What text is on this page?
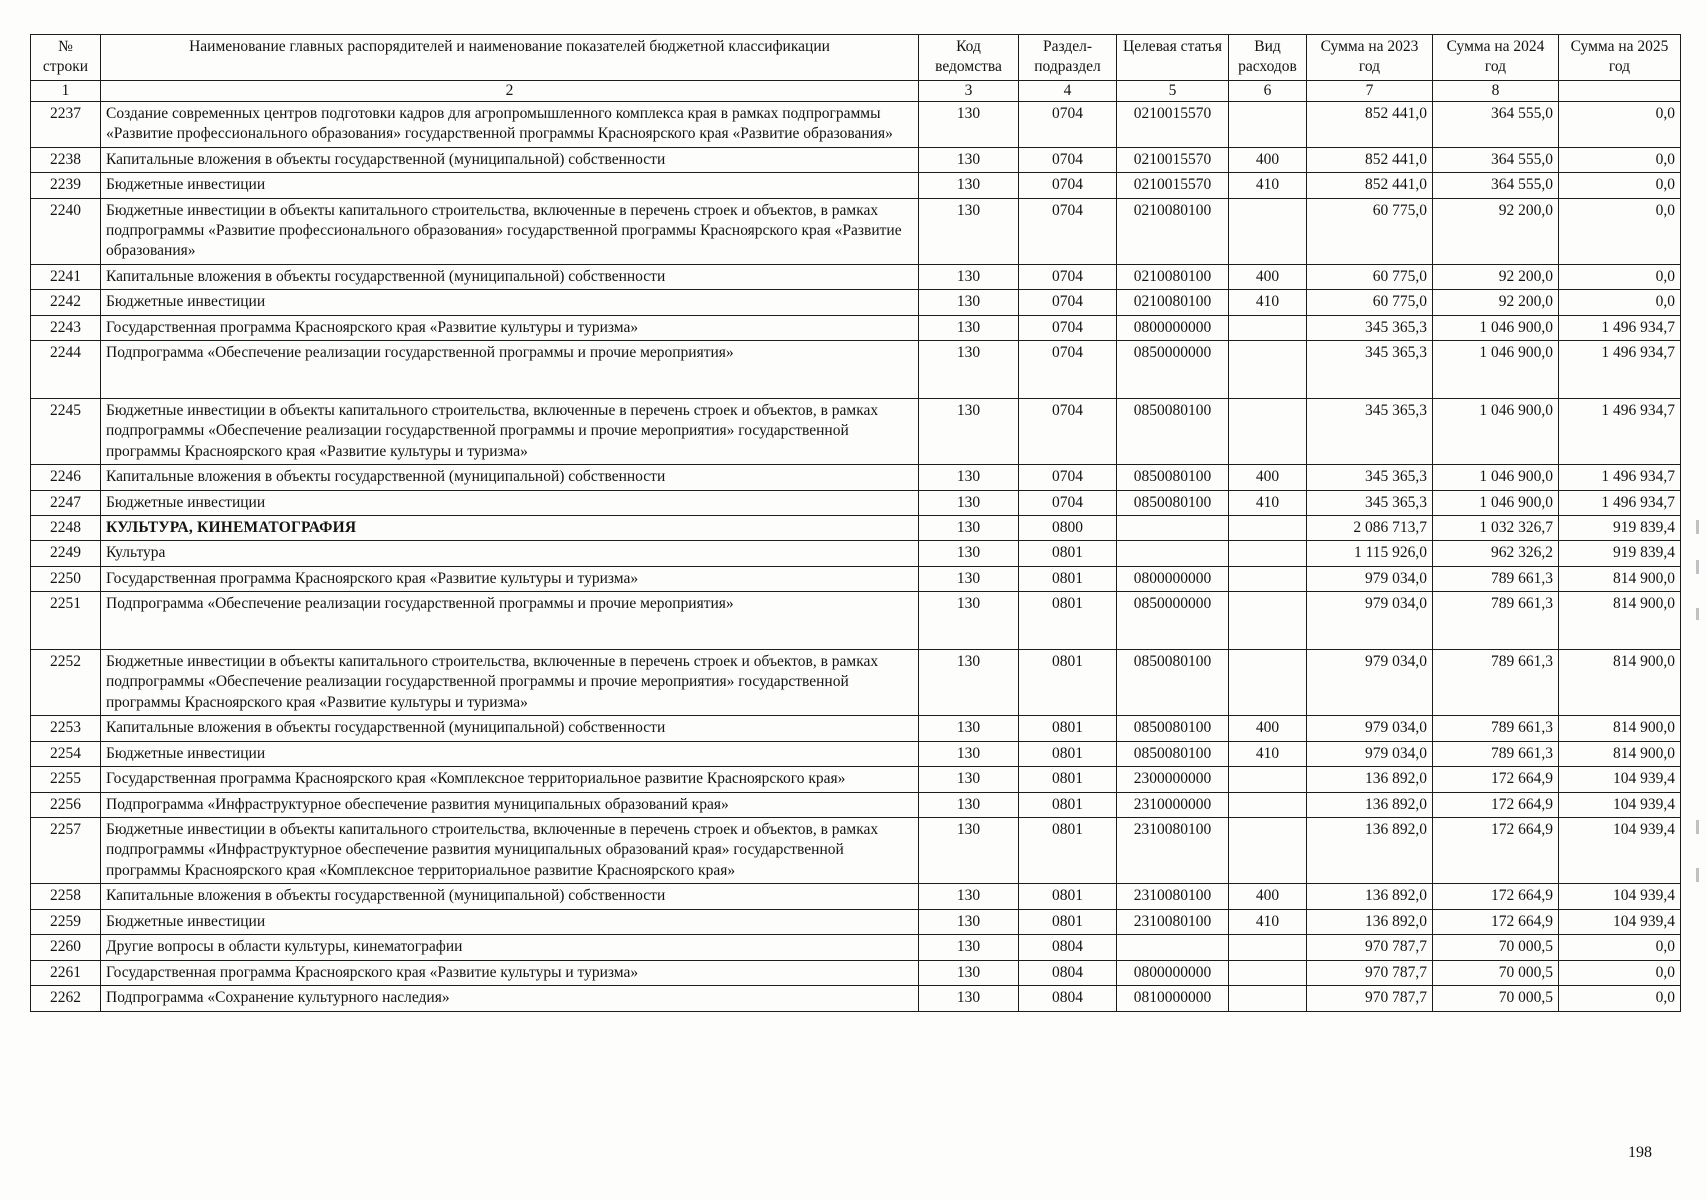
№ строки	Наименование главных распорядителей и наименование показателей бюджетной классификации	Код ведомства	Раздел-подраздел	Целевая статья	Вид расходов	Сумма на 2023 год	Сумма на 2024 год	Сумма на 2025 год
1	2	3	4	5	6	7	8	
2237	Создание современных центров подготовки кадров для агропромышленного комплекса края в рамках подпрограммы «Развитие профессионального образования» государственной программы Красноярского края «Развитие образования»	130	0704	0210015570		852 441,0	364 555,0	0,0
2238	Капитальные вложения в объекты государственной (муниципальной) собственности	130	0704	0210015570	400	852 441,0	364 555,0	0,0
2239	Бюджетные инвестиции	130	0704	0210015570	410	852 441,0	364 555,0	0,0
2240	Бюджетные инвестиции в объекты капитального строительства, включенные в перечень строек и объектов, в рамках подпрограммы «Развитие профессионального образования» государственной программы Красноярского края «Развитие образования»	130	0704	0210080100		60 775,0	92 200,0	0,0
2241	Капитальные вложения в объекты государственной (муниципальной) собственности	130	0704	0210080100	400	60 775,0	92 200,0	0,0
2242	Бюджетные инвестиции	130	0704	0210080100	410	60 775,0	92 200,0	0,0
2243	Государственная программа Красноярского края «Развитие культуры и туризма»	130	0704	0800000000		345 365,3	1 046 900,0	1 496 934,7
2244	Подпрограмма «Обеспечение реализации государственной программы и прочие мероприятия»	130	0704	0850000000		345 365,3	1 046 900,0	1 496 934,7
2245	Бюджетные инвестиции в объекты капитального строительства, включенные в перечень строек и объектов, в рамках подпрограммы «Обеспечение реализации государственной программы и прочие мероприятия» государственной программы Красноярского края «Развитие культуры и туризма»	130	0704	0850080100		345 365,3	1 046 900,0	1 496 934,7
2246	Капитальные вложения в объекты государственной (муниципальной) собственности	130	0704	0850080100	400	345 365,3	1 046 900,0	1 496 934,7
2247	Бюджетные инвестиции	130	0704	0850080100	410	345 365,3	1 046 900,0	1 496 934,7
2248	КУЛЬТУРА, КИНЕМАТОГРАФИЯ	130	0800			2 086 713,7	1 032 326,7	919 839,4
2249	Культура	130	0801			1 115 926,0	962 326,2	919 839,4
2250	Государственная программа Красноярского края «Развитие культуры и туризма»	130	0801	0800000000		979 034,0	789 661,3	814 900,0
2251	Подпрограмма «Обеспечение реализации государственной программы и прочие мероприятия»	130	0801	0850000000		979 034,0	789 661,3	814 900,0
2252	Бюджетные инвестиции в объекты капитального строительства, включенные в перечень строек и объектов, в рамках подпрограммы «Обеспечение реализации государственной программы и прочие мероприятия» государственной программы Красноярского края «Развитие культуры и туризма»	130	0801	0850080100		979 034,0	789 661,3	814 900,0
2253	Капитальные вложения в объекты государственной (муниципальной) собственности	130	0801	0850080100	400	979 034,0	789 661,3	814 900,0
2254	Бюджетные инвестиции	130	0801	0850080100	410	979 034,0	789 661,3	814 900,0
2255	Государственная программа Красноярского края «Комплексное территориальное развитие Красноярского края»	130	0801	2300000000		136 892,0	172 664,9	104 939,4
2256	Подпрограмма «Инфраструктурное обеспечение развития муниципальных образований края»	130	0801	2310000000		136 892,0	172 664,9	104 939,4
2257	Бюджетные инвестиции в объекты капитального строительства, включенные в перечень строек и объектов, в рамках подпрограммы «Инфраструктурное обеспечение развития муниципальных образований края» государственной программы Красноярского края «Комплексное территориальное развитие Красноярского края»	130	0801	2310080100		136 892,0	172 664,9	104 939,4
2258	Капитальные вложения в объекты государственной (муниципальной) собственности	130	0801	2310080100	400	136 892,0	172 664,9	104 939,4
2259	Бюджетные инвестиции	130	0801	2310080100	410	136 892,0	172 664,9	104 939,4
2260	Другие вопросы в области культуры, кинематографии	130	0804			970 787,7	70 000,5	0,0
2261	Государственная программа Красноярского края «Развитие культуры и туризма»	130	0804	0800000000		970 787,7	70 000,5	0,0
2262	Подпрограмма «Сохранение культурного наследия»	130	0804	0810000000		970 787,7	70 000,5	0,0
198
